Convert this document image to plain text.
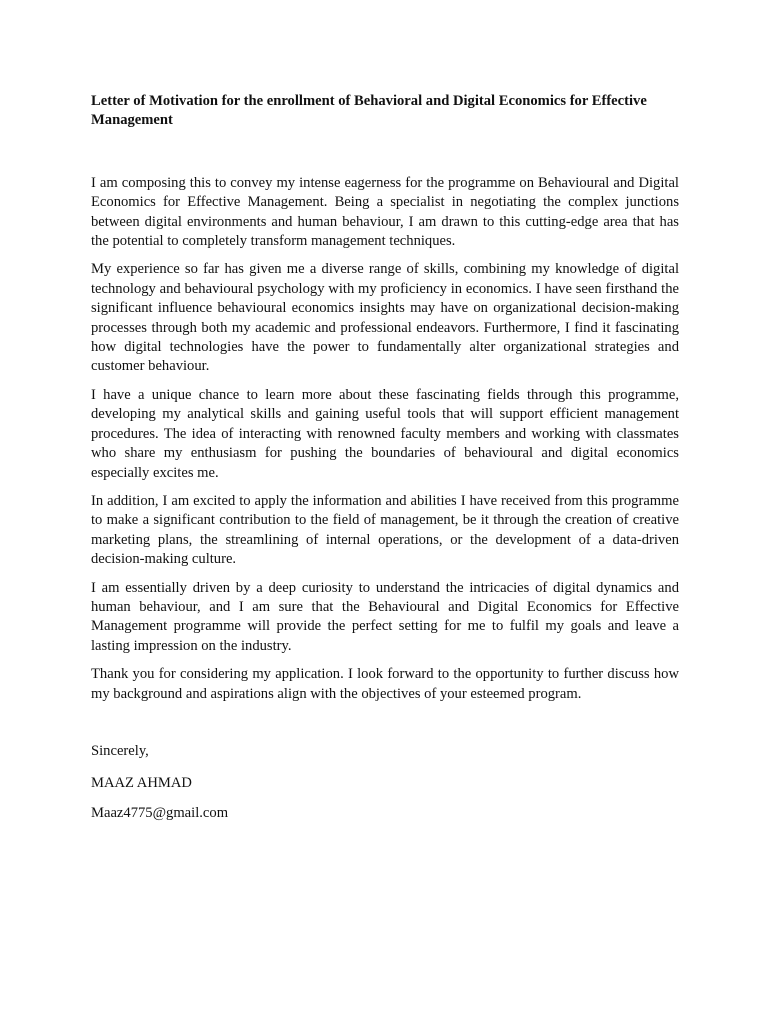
Letter of Motivation for the enrollment of Behavioral and Digital Economics for Effective Management

I am composing this to convey my intense eagerness for the programme on Behavioural and Digital Economics for Effective Management. Being a specialist in negotiating the complex junctions between digital environments and human behaviour, I am drawn to this cutting-edge area that has the potential to completely transform management techniques.

My experience so far has given me a diverse range of skills, combining my knowledge of digital technology and behavioural psychology with my proficiency in economics. I have seen firsthand the significant influence behavioural economics insights may have on organizational decision-making processes through both my academic and professional endeavors. Furthermore, I find it fascinating how digital technologies have the power to fundamentally alter organizational strategies and customer behaviour.

I have a unique chance to learn more about these fascinating fields through this programme, developing my analytical skills and gaining useful tools that will support efficient management procedures. The idea of interacting with renowned faculty members and working with classmates who share my enthusiasm for pushing the boundaries of behavioural and digital economics especially excites me.

In addition, I am excited to apply the information and abilities I have received from this programme to make a significant contribution to the field of management, be it through the creation of creative marketing plans, the streamlining of internal operations, or the development of a data-driven decision-making culture.

I am essentially driven by a deep curiosity to understand the intricacies of digital dynamics and human behaviour, and I am sure that the Behavioural and Digital Economics for Effective Management programme will provide the perfect setting for me to fulfil my goals and leave a lasting impression on the industry.

Thank you for considering my application. I look forward to the opportunity to further discuss how my background and aspirations align with the objectives of your esteemed program.

Sincerely,
MAAZ AHMAD
Maaz4775@gmail.com
